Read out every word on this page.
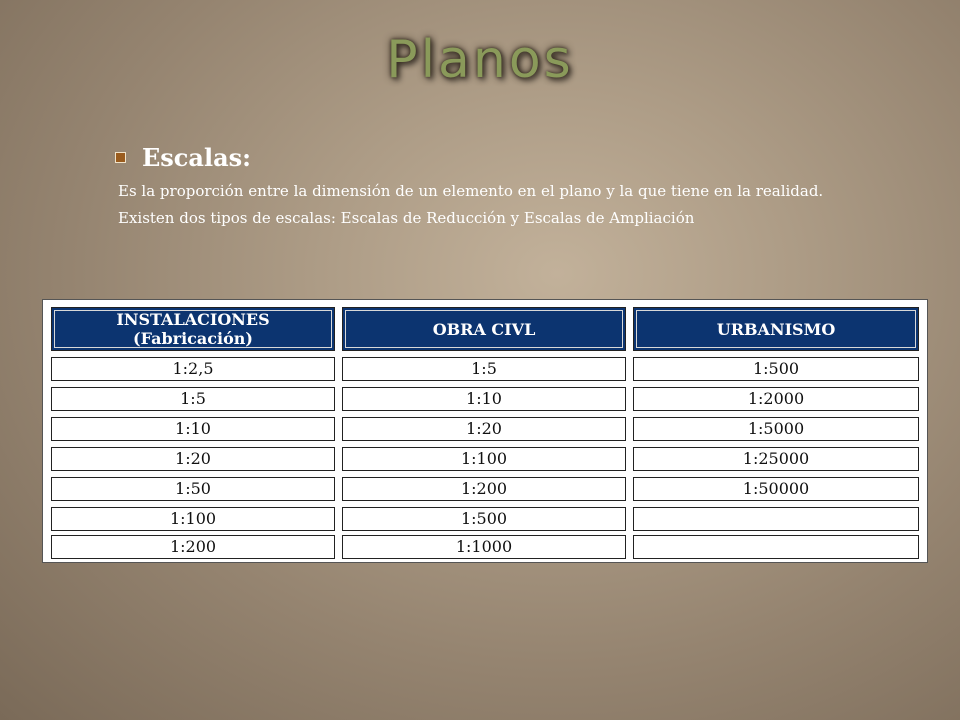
Planos
Escalas:
Es la proporción entre la dimensión de un elemento en el plano y la que tiene en la realidad.
Existen dos tipos de escalas: Escalas de Reducción y Escalas de Ampliación
INSTALACIONES
(Fabricación)	OBRA CIVL	URBANISMO
1:2,5	1:5	1:500
1:5	1:10	1:2000
1:10	1:20	1:5000
1:20	1:100	1:25000
1:50	1:200	1:50000
1:100	1:500
1:200	1:1000
